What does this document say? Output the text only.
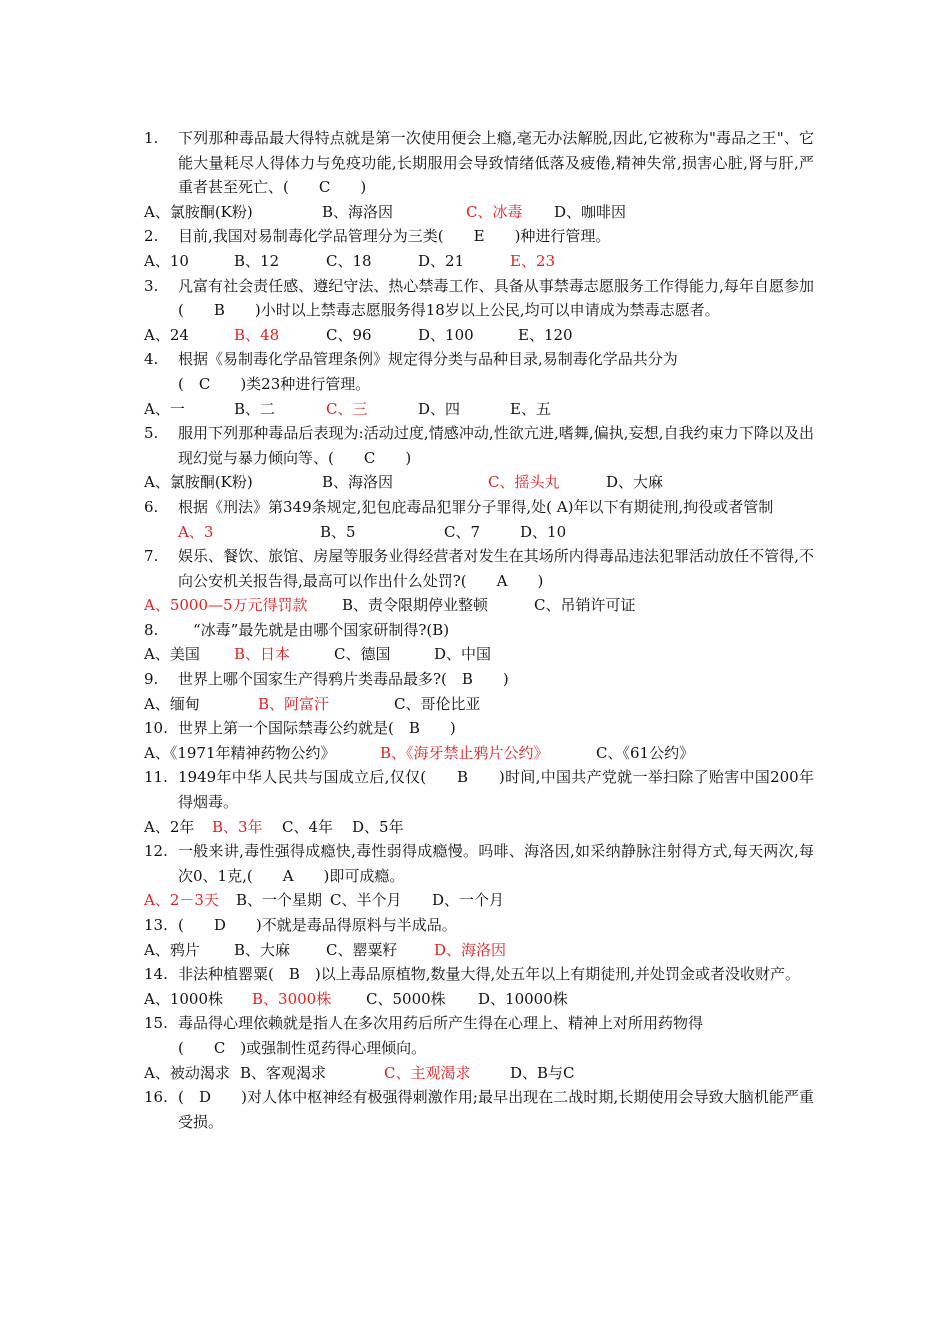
1.	下列那种毒品最大得特点就是第一次使用便会上瘾,毫无办法解脱,因此,它被称为"毒品之王"、它能大量耗尽人得体力与免疫功能,长期服用会导致情绪低落及疲倦,精神失常,损害心脏,肾与肝,严重者甚至死亡、(　　C　　)
A、氯胺酮(K粉)	B、海洛因	C、冰毒 D、咖啡因
2.	目前,我国对易制毒化学品管理分为三类(　　E　　)种进行管理。
A、10	B、12	C、18	D、21	E、23
3.	凡富有社会责任感、遵纪守法、热心禁毒工作、具备从事禁毒志愿服务工作得能力,每年自愿参加(　　B　　)小时以上禁毒志愿服务得18岁以上公民,均可以申请成为禁毒志愿者。
A、24	B、48	C、96	D、100	E、120
4.	根据《易制毒化学品管理条例》规定得分类与品种目录,易制毒化学品共分为
(　C　　)类23种进行管理。
A、一	B、二	C、三	D、四	E、五
5.	服用下列那种毒品后表现为:活动过度,情感冲动,性欲亢进,嗜舞,偏执,妄想,自我约束力下降以及出现幻觉与暴力倾向等、(　　C　　)
A、氯胺酮(K粉)	B、海洛因	C、摇头丸	D、大麻
6.	根据《刑法》第349条规定,犯包庇毒品犯罪分子罪得,处( A)年以下有期徒刑,拘役或者管制
A、3	B、5	C、7	D、10
7.	娱乐、餐饮、旅馆、房屋等服务业得经营者对发生在其场所内得毒品违法犯罪活动放任不管得,不向公安机关报告得,最高可以作出什么处罚?(　　A　　)
A、5000—5万元得罚款 B、责令限期停业整顿	C、吊销许可证
8.	　“冰毒”最先就是由哪个国家研制得?(B)
A、美国 B、日本	C、德国	D、中国
9.	世界上哪个国家生产得鸦片类毒品最多?(　B　　)
A、缅甸	B、阿富汗	C、哥伦比亚
10. 世界上第一个国际禁毒公约就是(　B　　)
A、《1971年精神药物公约》	B、《海牙禁止鸦片公约》	C、《61公约》
11. 1949年中华人民共与国成立后,仅仅(　　B　　)时间,中国共产党就一举扫除了贻害中国200年得烟毒。
A、2年 B、3年 C、4年 D、5年
12. 一般来讲,毒性强得成瘾快,毒性弱得成瘾慢。吗啡、海洛因,如采纳静脉注射得方式,每天两次,每次0、1克,(　　A　　)即可成瘾。
A、2－3天 B、一个星期 C、半个月 D、一个月
13. (　　D　　)不就是毒品得原料与半成品。
A、鸦片 B、大麻 C、罂粟籽 D、海洛因
14. 非法种植罂粟(　B　)以上毒品原植物,数量大得,处五年以上有期徒刑,并处罚金或者没收财产。
A、1000株 B、3000株 C、5000株 D、10000株
15. 毒品得心理依赖就是指人在多次用药后所产生得在心理上、精神上对所用药物得
(　　C　)或强制性觅药得心理倾向。
A、被动渴求 B、客观渴求	C、主观渴求	D、B与C
16. (　D　　)对人体中枢神经有极强得刺激作用;最早出现在二战时期,长期使用会导致大脑机能严重受损。
